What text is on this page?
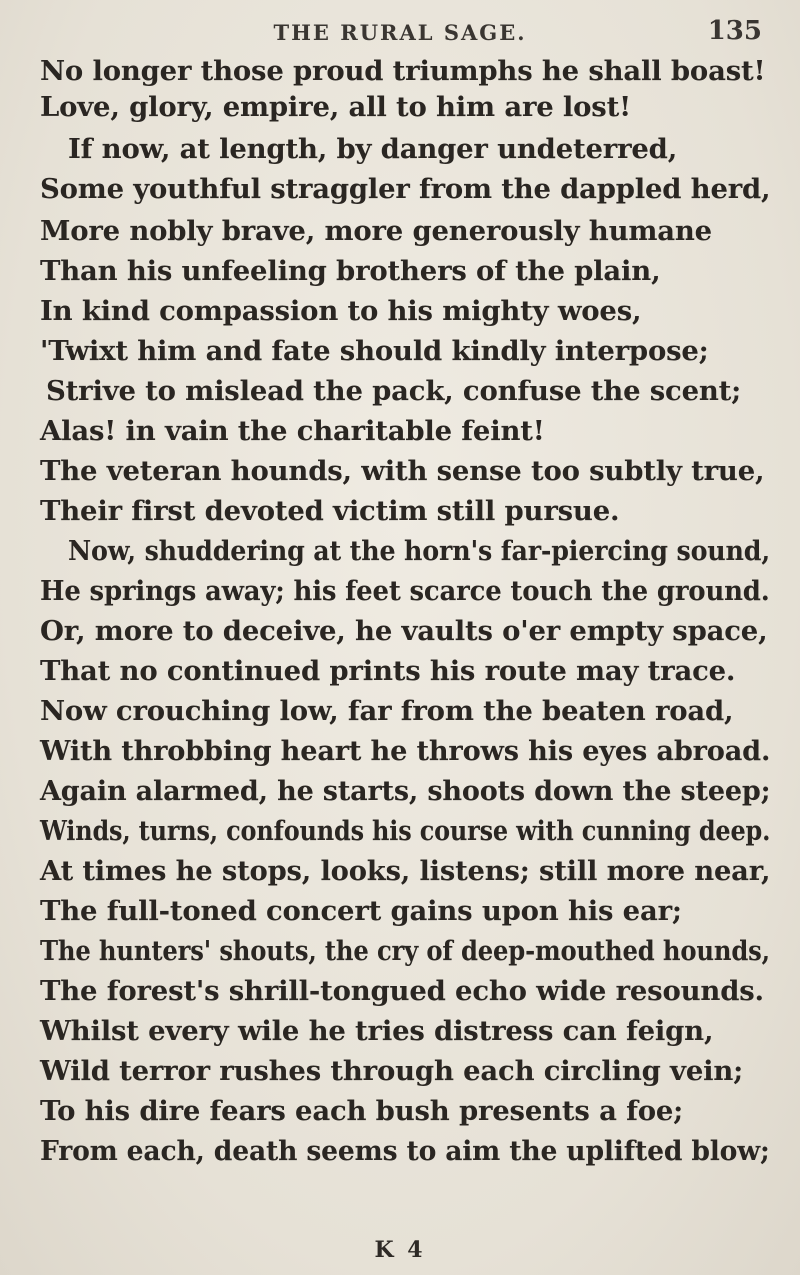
THE RURAL SAGE.	135
No longer those proud triumphs he shall boast!
Love, glory, empire, all to him are lost!
If now, at length, by danger undeterred,
Some youthful straggler from the dappled herd,
More nobly brave, more generously humane
Than his unfeeling brothers of the plain,
In kind compassion to his mighty woes,
'Twixt him and fate should kindly interpose;
Strive to mislead the pack, confuse the scent;
Alas! in vain the charitable feint!
The veteran hounds, with sense too subtly true,
Their first devoted victim still pursue.
Now, shuddering at the horn's far-piercing sound,
He springs away; his feet scarce touch the ground.
Or, more to deceive, he vaults o'er empty space,
That no continued prints his route may trace.
Now crouching low, far from the beaten road,
With throbbing heart he throws his eyes abroad.
Again alarmed, he starts, shoots down the steep;
Winds, turns, confounds his course with cunning deep.
At times he stops, looks, listens; still more near,
The full-toned concert gains upon his ear;
The hunters' shouts, the cry of deep-mouthed hounds,
The forest's shrill-tongued echo wide resounds.
Whilst every wile he tries distress can feign,
Wild terror rushes through each circling vein;
To his dire fears each bush presents a foe;
From each, death seems to aim the uplifted blow;
K 4
